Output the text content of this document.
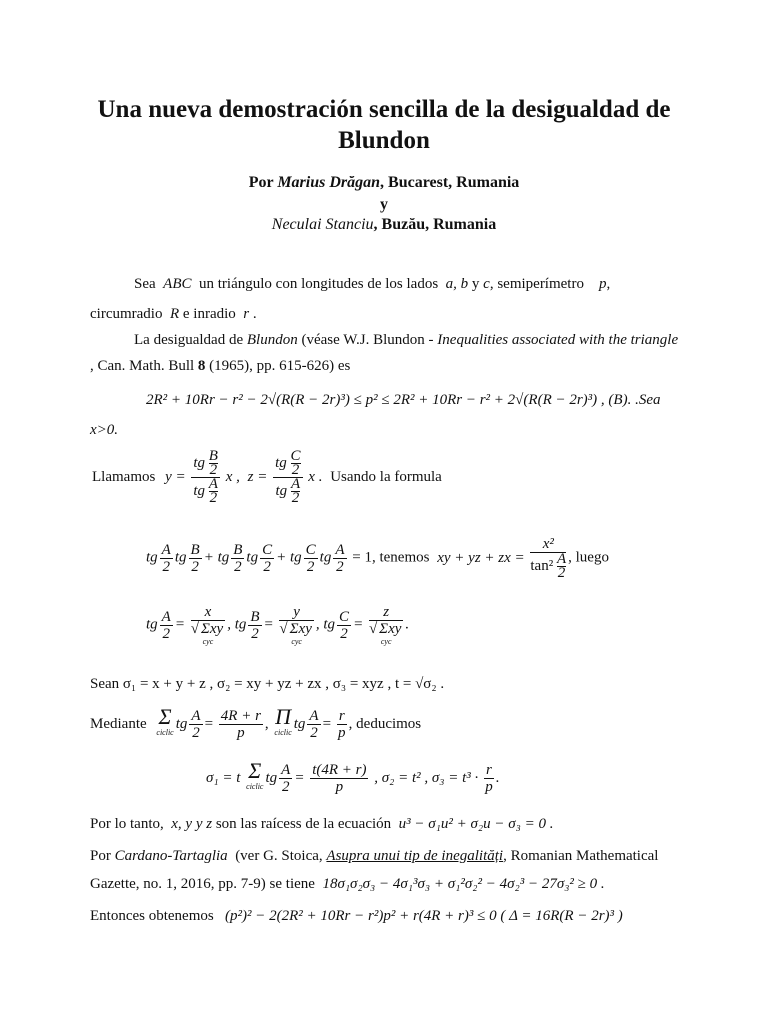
Una nueva demostración sencilla de la desigualdad de Blundon
Por Marius Drăgan, Bucarest, Rumania
y
Neculai Stanciu, Buzău, Rumania
Sea ABC un triángulo con longitudes de los lados a, b y c, semiperímetro p,
circumradio R e inradio r .
La desigualdad de Blundon (véase W.J. Blundon - Inequalities associated with the triangle
, Can. Math. Bull 8 (1965), pp. 615-626) es
2R² + 10Rr − r² − 2√(R(R − 2r)³) ≤ p² ≤ 2R² + 10Rr − r² + 2√(R(R − 2r)³) , (B). .Sea
x>0.
Llamamos $y = \frac{tg \frac{B}{2}}{tg \frac{A}{2}}$ x , $z = \frac{tg \frac{C}{2}}{tg \frac{A}{2}}$ x . Usando la formula
tg $\frac{A}{2}$ tg $\frac{B}{2}$ + tg $\frac{B}{2}$ tg $\frac{C}{2}$ + tg $\frac{C}{2}$ tg $\frac{A}{2} = 1$, tenemos xy + yz + zx = $\frac{\text{x²}}{\tan^2 \frac{A}{2}}$ , luego
tg $\frac{A}{2} = x$
√ Σxy
cyc , tg $\frac{B}{2} = y$
√ Σxy
cyc , tg $\frac{C}{2} = z$
√ Σxy
cyc .
Sean σ₁ = x + y + z , σ₂ = xy + yz + zx , σ₃ = xyz , t = √σ₂ .
Mediante Σ
ciclic tg $\frac{A}{2} = \frac{4R + r}{p}$ , Π
ciclic tg $\frac{A}{2} = \frac{r}{p}$ , deducimos
σ₁ = t Σ
ciclic tg $\frac{A}{2} = \frac{t(4R + r)}{p}$ , σ₂ = t² , $\sigma_3 = t^3 \cdot \frac{r}{p}$ .
Por lo tanto, x, y y z son las raícess de la ecuación u³ − σ₁u² + σ₂u − σ₃ = 0 .
Por Cardano-Tartaglia (ver G. Stoica, Asupra unui tip de inegalități, Romanian Mathematical
Gazette, no. 1, 2016, pp. 7-9) se tiene 18σ₁σ₂σ₃ − 4σ₁³σ₃ + σ₁²σ₂² − 4σ₂³ − 27σ₃² ≥ 0 .
Entonces obtenemos (p²)² − 2(2R² + 10Rr − r²)p² + r(4R + r)³ ≤ 0 ( Δ = 16R(R − 2r)³ )
